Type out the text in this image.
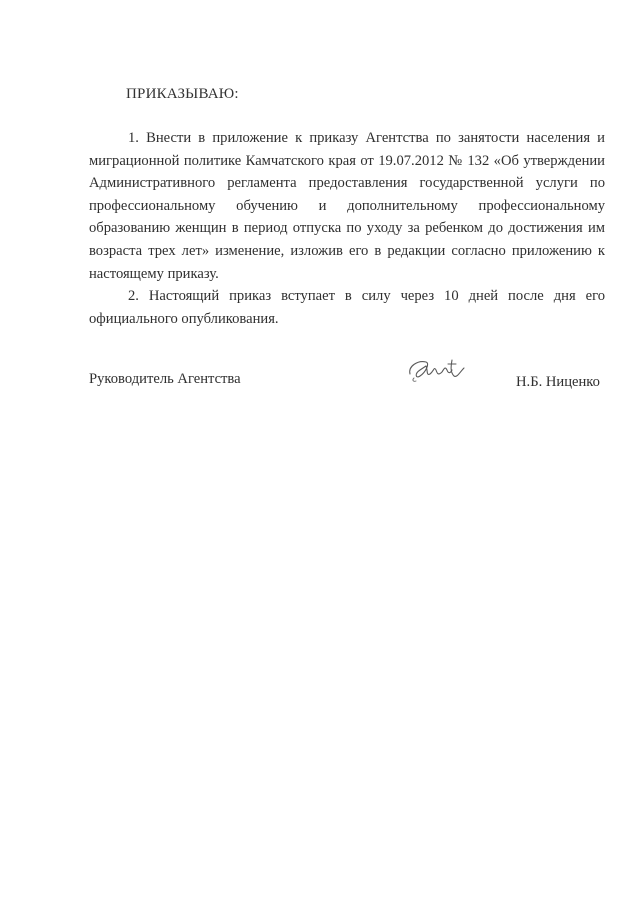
ПРИКАЗЫВАЮ:
1. Внести в приложение к приказу Агентства по занятости населения и миграционной политике Камчатского края от 19.07.2012 № 132 «Об утверждении Административного регламента предоставления государственной услуги по профессиональному обучению и дополнительному профессиональному образованию женщин в период отпуска по уходу за ребенком до достижения им возраста трех лет» изменение, изложив его в редакции согласно приложению к настоящему приказу.
2. Настоящий приказ вступает в силу через 10 дней после дня его официального опубликования.
Руководитель Агентства	Н.Б. Ниценко
